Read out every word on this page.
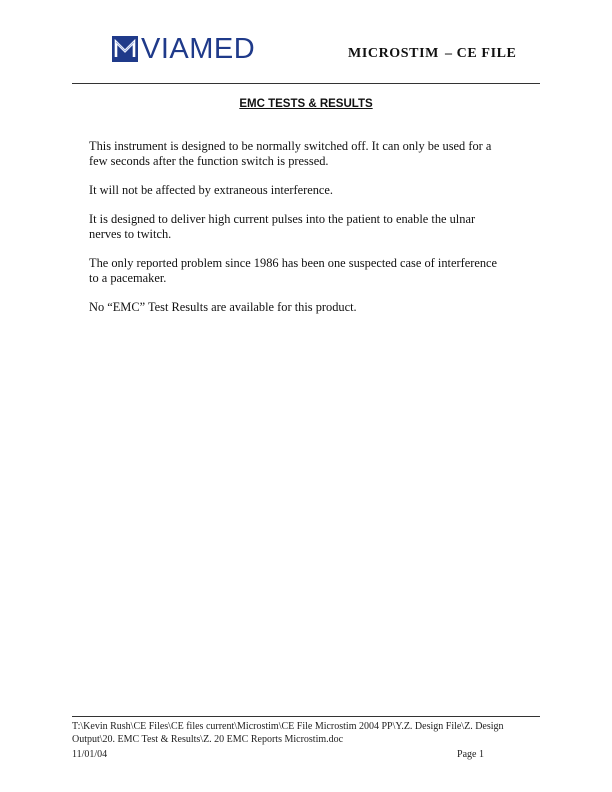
VIAMED	MICROSTIM – CE FILE
EMC TESTS & RESULTS

This instrument is designed to be normally switched off. It can only be used for a few seconds after the function switch is pressed.

It will not be affected by extraneous interference.

It is designed to deliver high current pulses into the patient to enable the ulnar nerves to twitch.

The only reported problem since 1986 has been one suspected case of interference to a pacemaker.

No “EMC” Test Results are available for this product.

T:\Kevin Rush\CE Files\CE files current\Microstim\CE File Microstim 2004 PP\Y.Z. Design File\Z. Design Output\20. EMC Test & Results\Z. 20 EMC Reports Microstim.doc
11/01/04	Page 1
